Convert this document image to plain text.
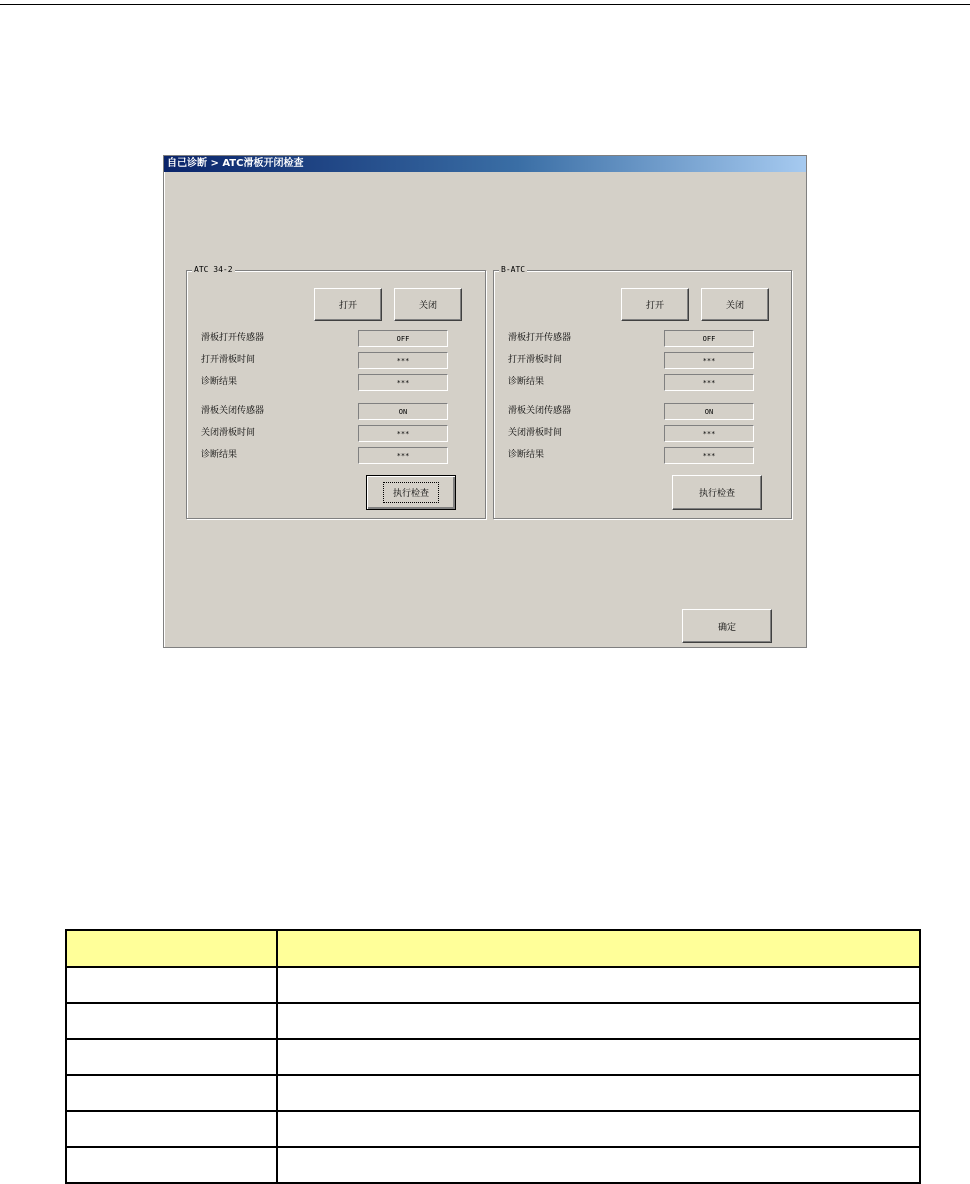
自己诊断 > ATC滑板开闭检查
ATC 34-2
打开	关闭
滑板打开传感器	OFF
打开滑板时间	***
诊断结果	***
滑板关闭传感器	ON
关闭滑板时间	***
诊断结果	***
执行检查
B-ATC
打开	关闭
滑板打开传感器	OFF
打开滑板时间	***
诊断结果	***
滑板关闭传感器	ON
关闭滑板时间	***
诊断结果	***
执行检查
确定
